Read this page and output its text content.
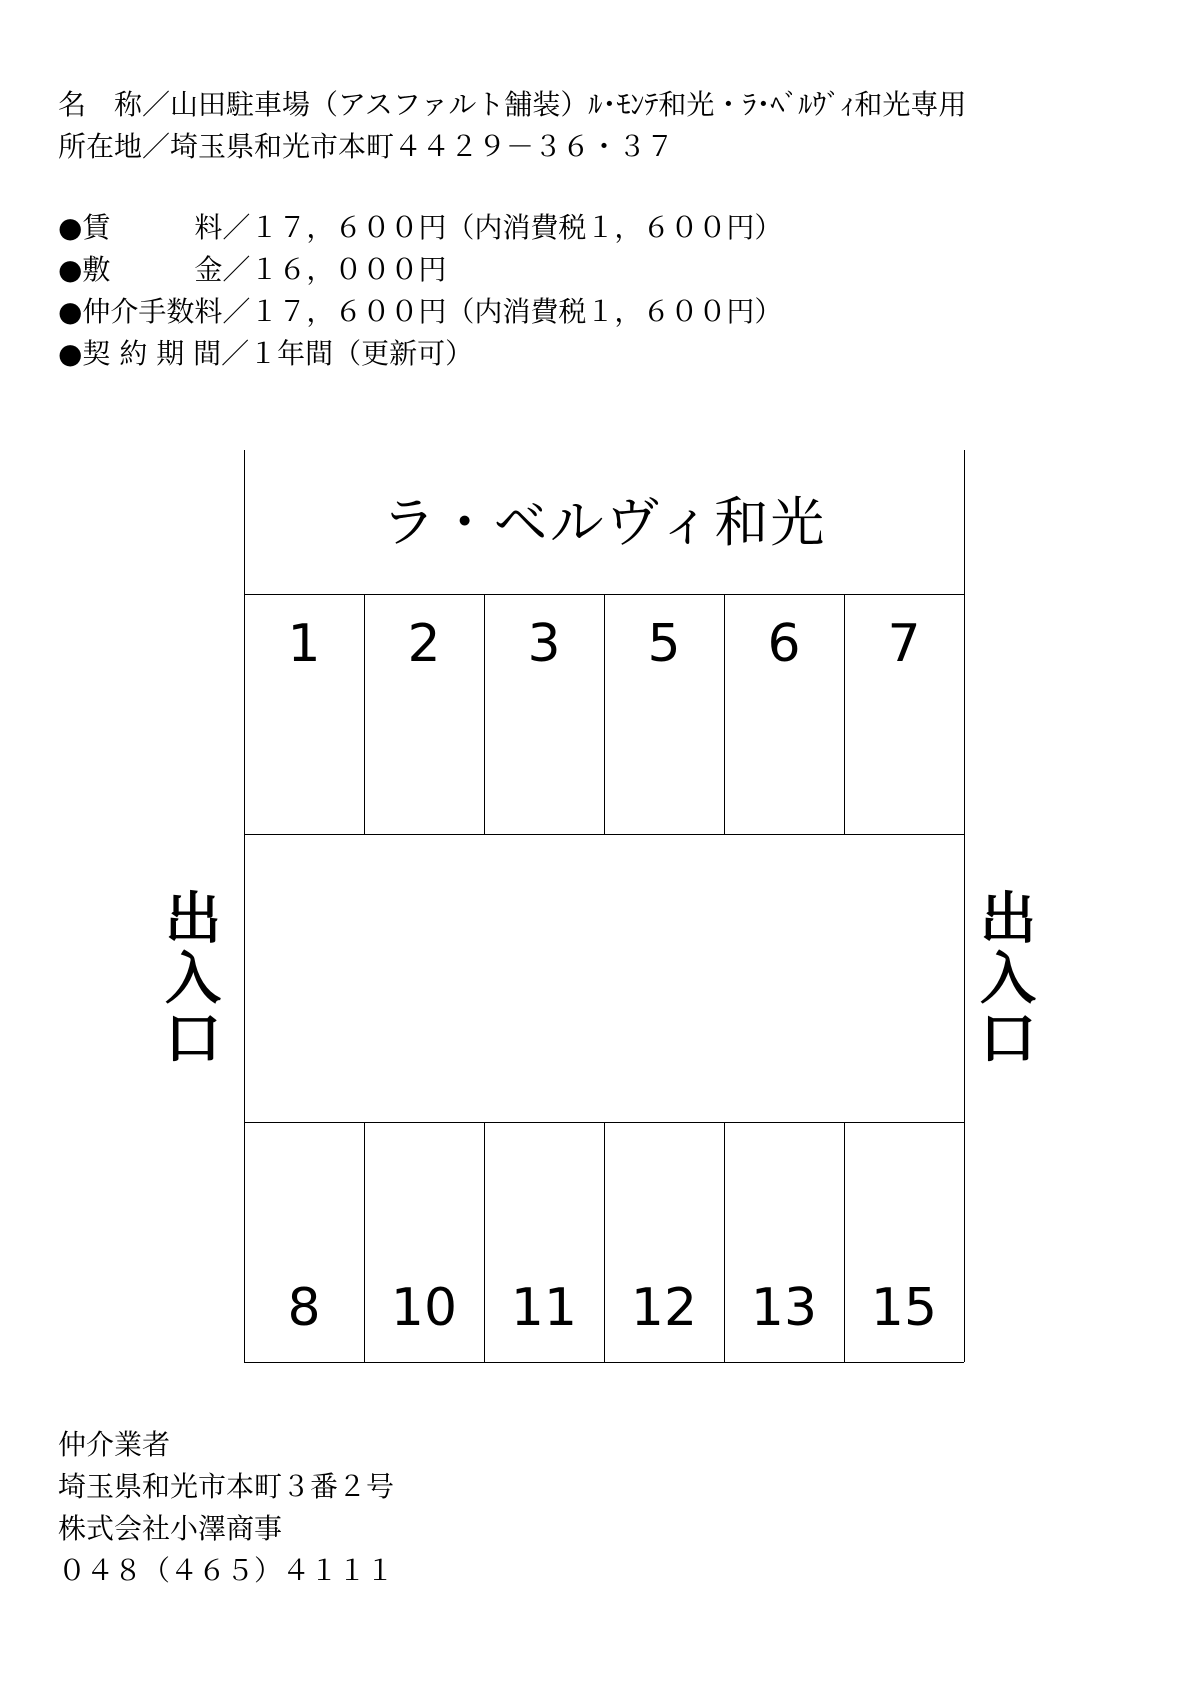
名　称／山田駐車場（アスファルト舗装）ﾙ･ﾓﾝﾃ和光・ﾗ･ﾍﾞﾙｳﾞｨ和光専用
所在地／埼玉県和光市本町４４２９－３６・３７
●賃　　　料／１７，６００円（内消費税１，６００円）
●敷　　　金／１６，０００円
●仲介手数料／１７，６００円（内消費税１，６００円）
●契 約 期 間／１年間（更新可）
ラ・ベルヴィ和光
1	2	3	5	6	7
8	10	11	12	13	15
出
入
口
出
入
口
仲介業者
埼玉県和光市本町３番２号
株式会社小澤商事
０４８（４６５）４１１１
